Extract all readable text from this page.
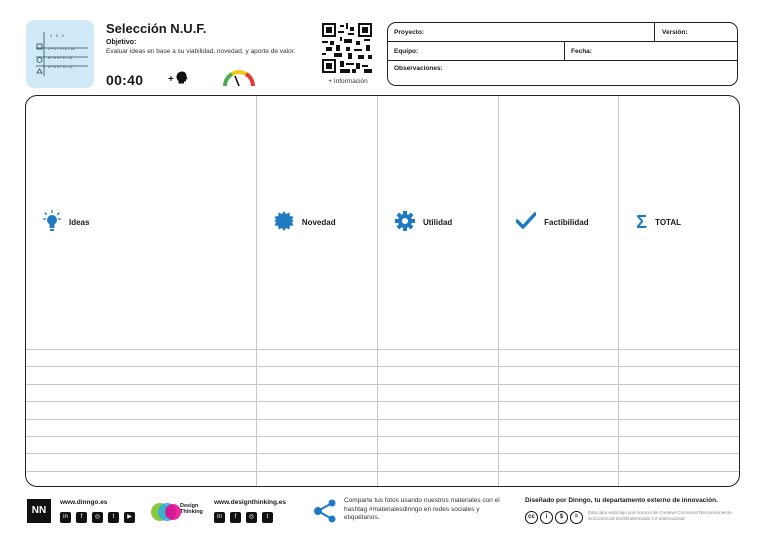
3    5    3
1 + 4 7 + 10 = 18
8 + 4 5 + 8 = 21
4 + 4 5 + 3 = 12
Selección N.U.F.
Objetivo:
Evaluar ideas en base a su viabilidad, novedad, y aporte de valor.
00:40 +	+ Información
Proyecto:	Versión:
Equipo:	Fecha:
Observaciones:
Ideas	Novedad	Utilidad	Factibilidad	Σ TOTAL

NN
www.dinngo.es
in	f	◎	t	▶
Design
Thinking
www.designthinking.es
in	f	◎	t
Comparte tus fotos usando nuestros materiales con el hashtag #materialesdinngo en redes sociales y etiquétanos.
Diseñado por Dinngo, tu departamento externo de innovación.
cc	i	$	=
Esta obra está bajo una licencia de Creative Commons Reconocimiento-NoComercial-SinObraDerivada 4.0 Internacional.
